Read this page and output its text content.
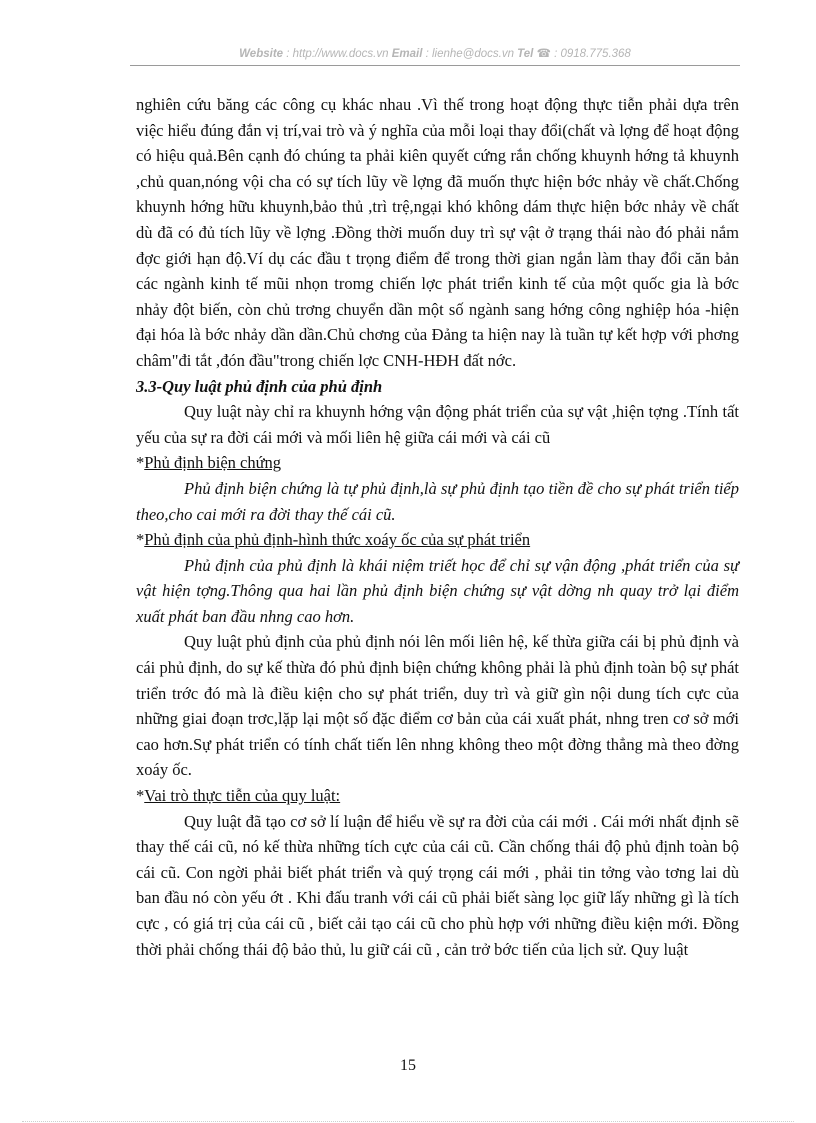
Website : http://www.docs.vn Email : lienhe@docs.vn Tel ☎ : 0918.775.368

nghiên cứu băng các công cụ khác nhau .Vì thế trong hoạt động thực tiễn phải dựa trên việc hiểu đúng đắn vị trí,vai trò và ý nghĩa của mỗi loại thay đổi(chất và lợng để hoạt động có hiệu quả.Bên cạnh đó chúng ta phải kiên quyết cứng rắn chống khuynh hớng tả khuynh ,chủ quan,nóng vội cha có sự tích lũy về lợng đã muốn thực hiện bớc nhảy về chất.Chống khuynh hớng hữu khuynh,bảo thủ ,trì trệ,ngại khó không dám thực hiện bớc nhảy về chất dù đã có đủ tích lũy về lợng .Đồng thời muốn duy trì sự vật ở trạng thái nào đó phải nắm đợc giới hạn độ.Ví dụ các đầu t trọng điểm để trong thời gian ngắn làm thay đổi căn bản các ngành kinh tế mũi nhọn tromg chiến lợc phát triển kinh tế của một quốc gia là bớc nhảy đột biến, còn chủ trơng chuyển dần một số ngành sang hớng công nghiệp hóa -hiện đại hóa là bớc nhảy dần dần.Chủ chơng của Đảng ta hiện nay là tuần tự kết hợp với phơng châm"đi tắt ,đón đầu"trong chiến lợc CNH-HĐH đất nớc.

3.3-Quy luật phủ định của phủ định

Quy luật này chỉ ra khuynh hớng vận động phát triển của sự vật ,hiện tợng .Tính tất yếu của sự ra đời cái mới và mối liên hệ giữa cái mới và cái cũ

*Phủ định biện chứng

Phủ định biện chứng là tự phủ định,là sự phủ định tạo tiền đề cho sự phát triển tiếp theo,cho cai mới ra đời thay thế cái cũ.

*Phủ định của phủ định-hình thức xoáy ốc của sự phát triển

Phủ định của phủ định là khái niệm triết học để chỉ sự vận động ,phát triển của sự vật hiện tợng.Thông qua hai lần phủ định biện chứng sự vật dờng nh quay trở lại điểm xuất phát ban đầu nhng cao hơn.

Quy luật phủ định của phủ định nói lên mối liên hệ, kế thừa giữa cái bị phủ định và cái phủ định, do sự kế thừa đó phủ định biện chứng không phải là phủ định toàn bộ sự phát triển trớc đó mà là điều kiện cho sự phát triển, duy trì và giữ gìn nội dung tích cực của những giai đoạn trơc,lặp lại một số đặc điểm cơ bản của cái xuất phát, nhng tren cơ sở mới cao hơn.Sự phát triển có tính chất tiến lên nhng không theo một đờng thẳng mà theo đờng xoáy ốc.

*Vai trò thực tiễn của quy luật:

Quy luật đã tạo cơ sở lí luận để hiểu về sự ra đời của cái mới . Cái mới nhất định sẽ thay thế cái cũ, nó kế thừa những tích cực của cái cũ. Cần chống thái độ phủ định toàn bộ cái cũ. Con ngời phải biết phát triển và quý trọng cái mới , phải tin tởng vào tơng lai dù ban đầu nó còn yếu ớt . Khi đấu tranh với cái cũ phải biết sàng lọc giữ lấy những gì là tích cực , có giá trị của cái cũ , biết cải tạo cái cũ cho phù hợp với những điều kiện mới. Đồng thời phải chống thái độ bảo thủ, lu giữ cái cũ , cản trở bớc tiến của lịch sử. Quy luật

15
